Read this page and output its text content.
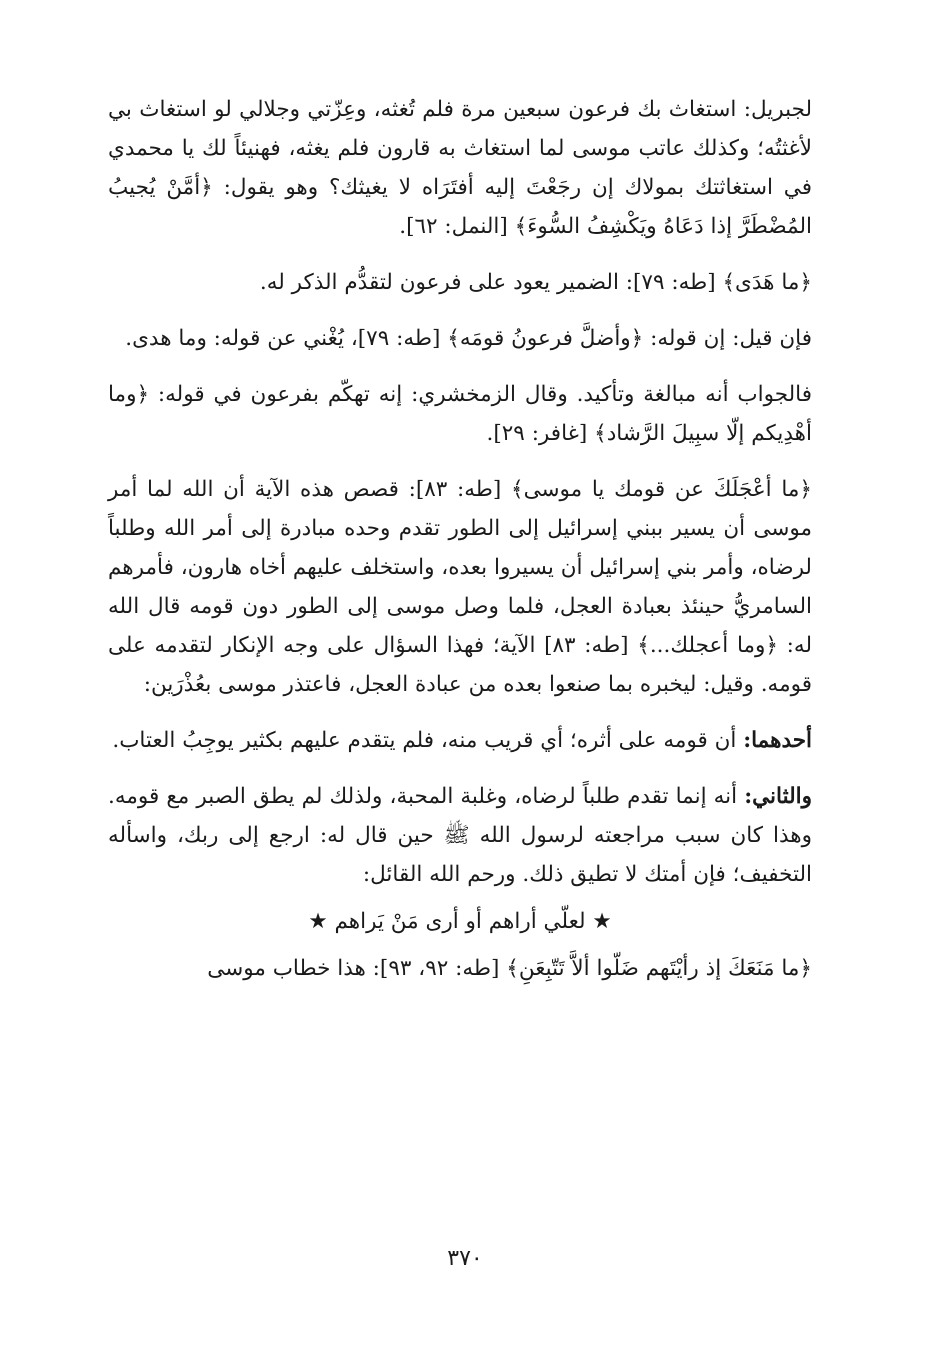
لجبريل: استغاث بك فرعون سبعين مرة فلم تُغثه، وعِزّتي وجلالي لو استغاث بي لأغثتُه؛ وكذلك عاتب موسى لما استغاث به قارون فلم يغثه، فهنيئاً لك يا محمدي في استغاثتك بمولاك إن رجَعْتَ إليه أفتَرَاه لا يغيثك؟ وهو يقول: ﴿أمَّنْ يُجيبُ المُضْطَرَّ إذا دَعَاهُ ويَكْشِفُ السُّوءَ﴾ [النمل: ٦٢].

﴿ما هَدَى﴾ [طه: ٧٩]: الضمير يعود على فرعون لتقدُّم الذكر له.

فإن قيل: إن قوله: ﴿وأضلَّ فرعونُ قومَه﴾ [طه: ٧٩]، يُغْني عن قوله: وما هدى.

فالجواب أنه مبالغة وتأكيد. وقال الزمخشري: إنه تهكّم بفرعون في قوله: ﴿وما أهْدِيكم إلّا سبِيلَ الرَّشاد﴾ [غافر: ٢٩].

﴿ما أعْجَلَكَ عن قومك يا موسى﴾ [طه: ٨٣]: قصص هذه الآية أن الله لما أمر موسى أن يسير ببني إسرائيل إلى الطور تقدم وحده مبادرة إلى أمر الله وطلباً لرضاه، وأمر بني إسرائيل أن يسيروا بعده، واستخلف عليهم أخاه هارون، فأمرهم السامريُّ حينئذ بعبادة العجل، فلما وصل موسى إلى الطور دون قومه قال الله له: ﴿وما أعجلك...﴾ [طه: ٨٣] الآية؛ فهذا السؤال على وجه الإنكار لتقدمه على قومه. وقيل: ليخبره بما صنعوا بعده من عبادة العجل، فاعتذر موسى بعُذْرَين:

أحدهما: أن قومه على أثره؛ أي قريب منه، فلم يتقدم عليهم بكثير يوجِبُ العتاب.

والثاني: أنه إنما تقدم طلباً لرضاه، وغلبة المحبة، ولذلك لم يطق الصبر مع قومه. وهذا كان سبب مراجعته لرسول الله ﷺ حين قال له: ارجع إلى ربك، واسأله التخفيف؛ فإن أمتك لا تطيق ذلك. ورحم الله القائل:

★ لعلّي أراهم أو أرى مَنْ يَراهم ★

﴿ما مَنَعَكَ إذ رأيْتَهم ضَلّوا ألاَّ تَتّبِعَنِ﴾ [طه: ٩٢، ٩٣]: هذا خطاب موسى

٣٧٠
